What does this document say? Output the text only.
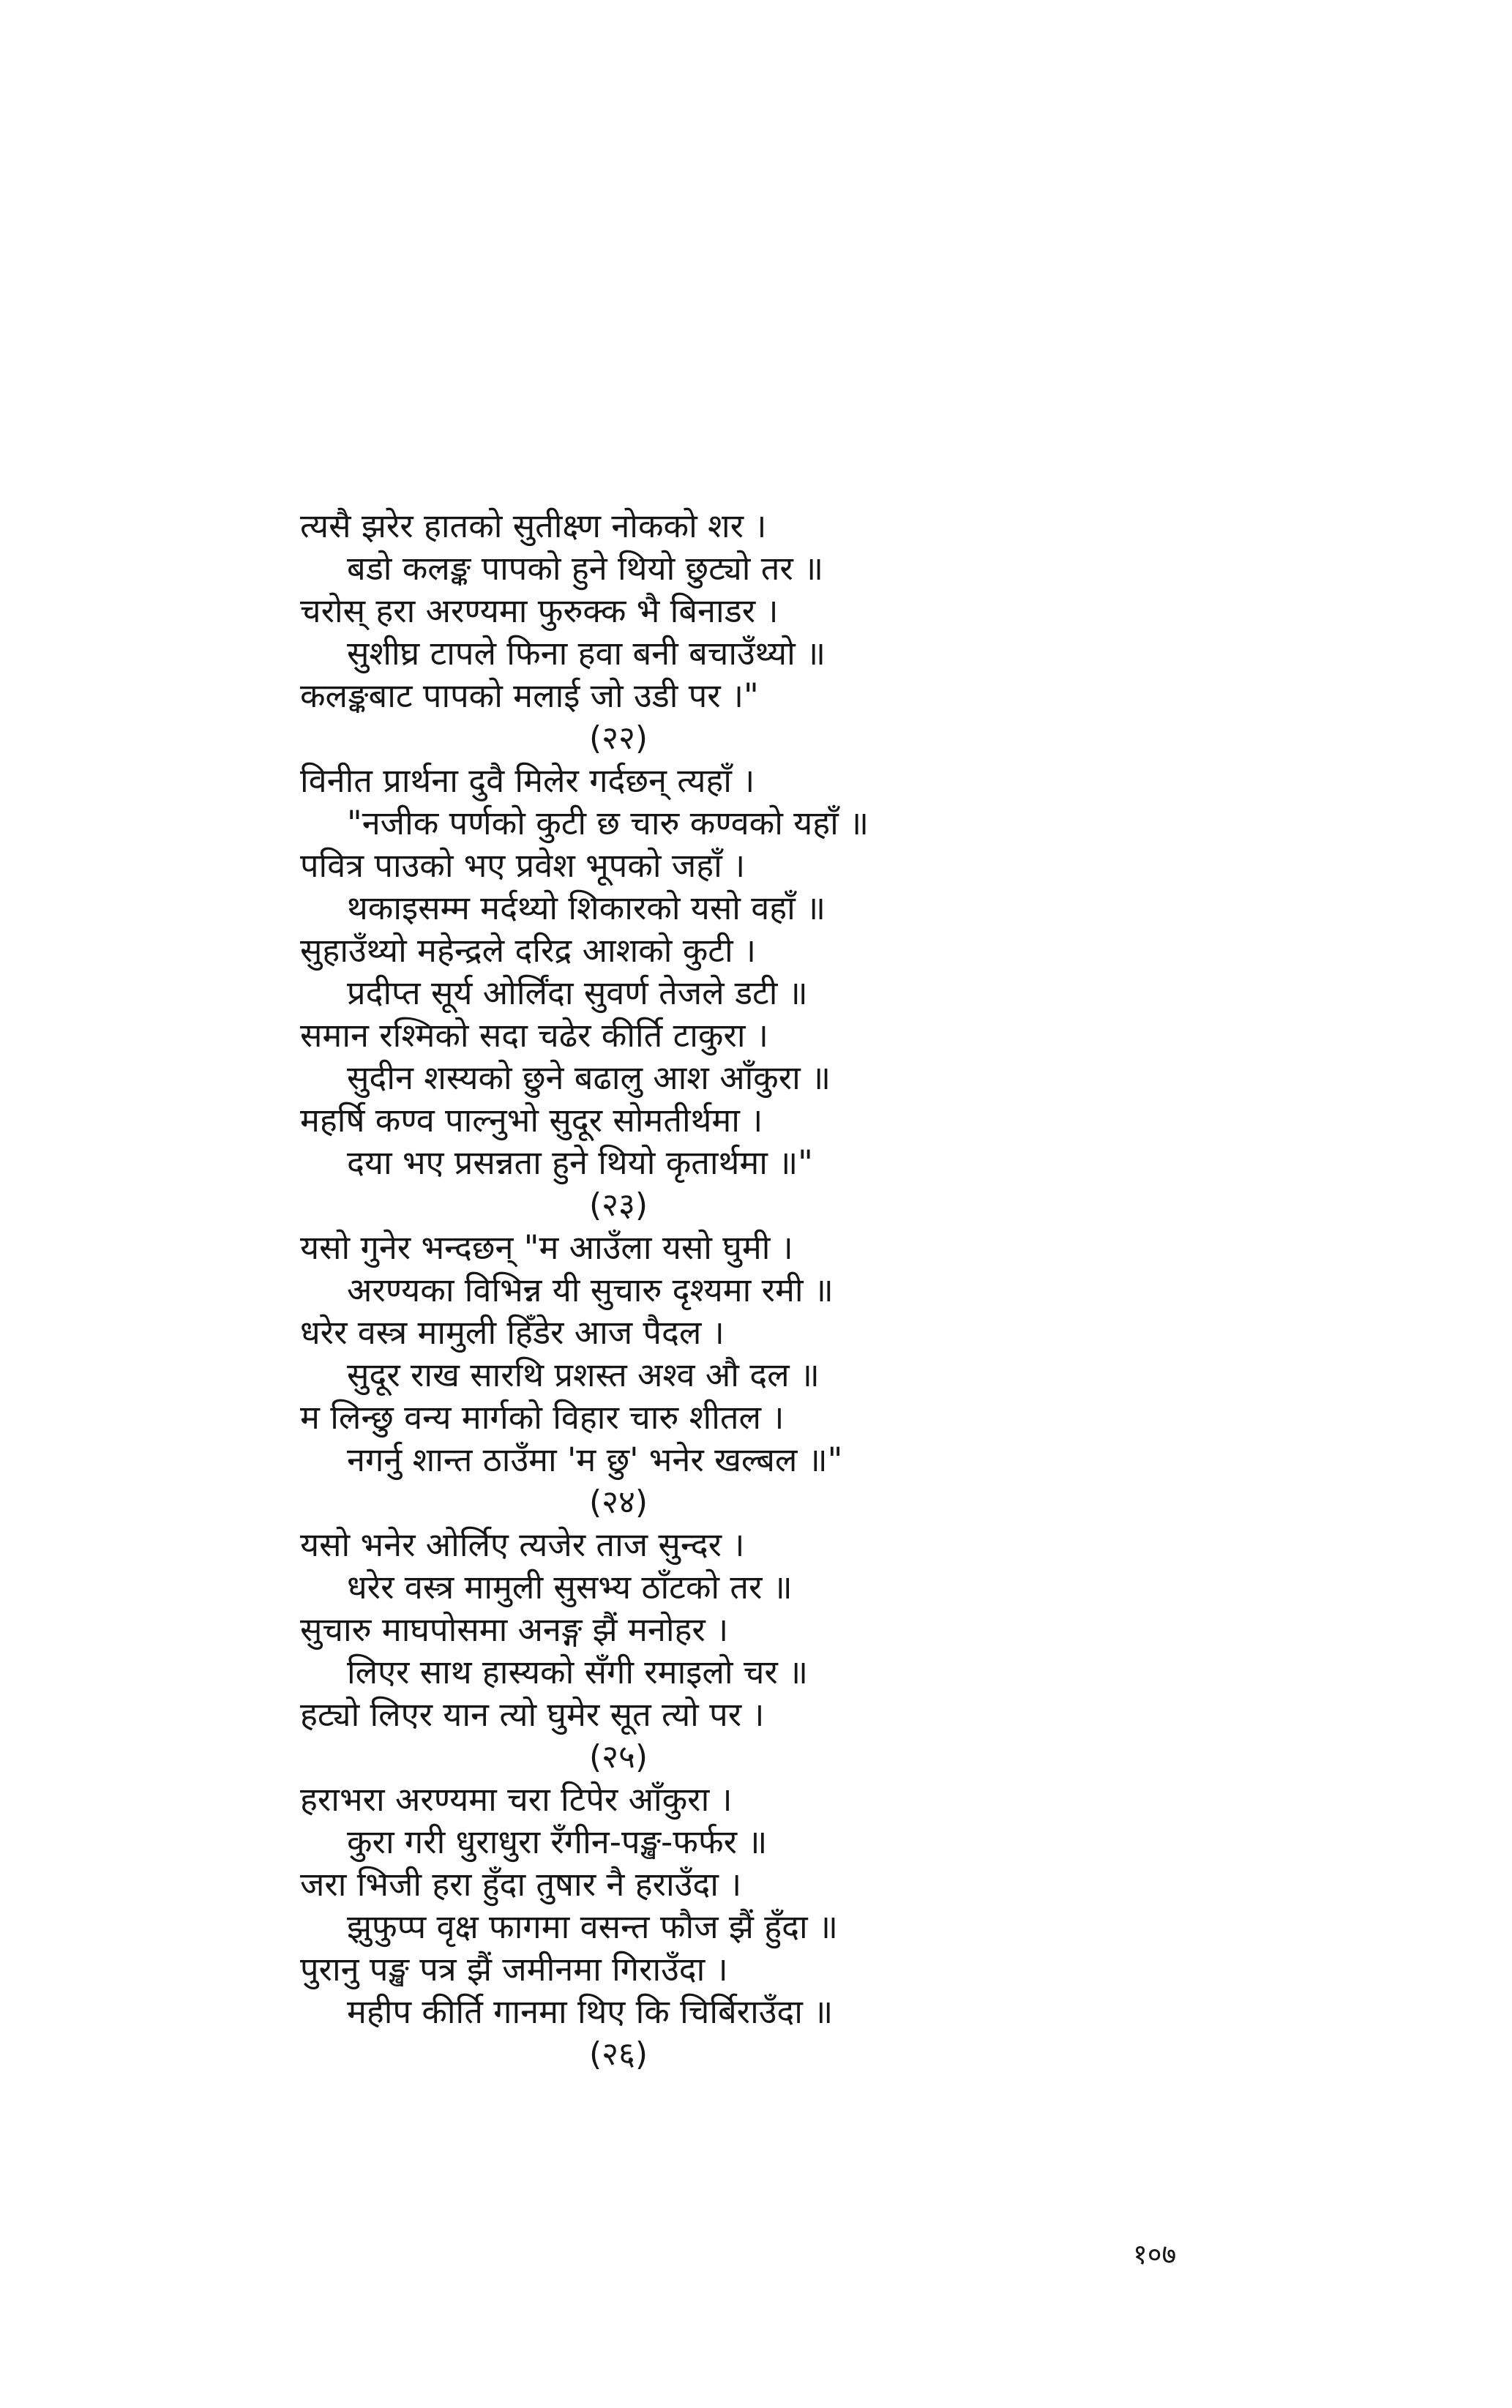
त्यसै झरेर हातको सुतीक्ष्ण नोकको शर ।
बडो कलङ्क पापको हुने थियो छुट्यो तर ॥
चरोस् हरा अरण्यमा फुरुक्क भै बिनाडर ।
सुशीघ्र टापले फिना हवा बनी बचाउँथ्यो ॥
कलङ्कबाट पापको मलाई जो उडी पर ।"
(२२)
विनीत प्रार्थना दुवै मिलेर गर्दछन् त्यहाँ ।
"नजीक पर्णको कुटी छ चारु कण्वको यहाँ ॥
पवित्र पाउको भए प्रवेश भूपको जहाँ ।
थकाइसम्म मर्दथ्यो शिकारको यसो वहाँ ॥
सुहाउँथ्यो महेन्द्रले दरिद्र आशको कुटी ।
प्रदीप्त सूर्य ओर्लिंदा सुवर्ण तेजले डटी ॥
समान रश्मिको सदा चढेर कीर्ति टाकुरा ।
सुदीन शस्यको छुने बढालु आश आँकुरा ॥
महर्षि कण्व पाल्नुभो सुदूर सोमतीर्थमा ।
दया भए प्रसन्नता हुने थियो कृतार्थमा ॥"
(२३)
यसो गुनेर भन्दछन् "म आउँला यसो घुमी ।
अरण्यका विभिन्न यी सुचारु दृश्यमा रमी ॥
धरेर वस्त्र मामुली हिँडेर आज पैदल ।
सुदूर राख सारथि प्रशस्त अश्व औ दल ॥
म लिन्छु वन्य मार्गको विहार चारु शीतल ।
नगर्नु शान्त ठाउँमा 'म छु' भनेर खल्बल ॥"
(२४)
यसो भनेर ओर्लिए त्यजेर ताज सुन्दर ।
धरेर वस्त्र मामुली सुसभ्य ठाँटको तर ॥
सुचारु माघपोसमा अनङ्ग झैं मनोहर ।
लिएर साथ हास्यको सँगी रमाइलो चर ॥
हट्यो लिएर यान त्यो घुमेर सूत त्यो पर ।
(२५)
हराभरा अरण्यमा चरा टिपेर आँकुरा ।
कुरा गरी धुराधुरा रँगीन-पङ्ख-फर्फर ॥
जरा भिजी हरा हुँदा तुषार नै हराउँदा ।
झुफुप्प वृक्ष फागमा वसन्त फौज झैं हुँदा ॥
पुरानु पङ्ख पत्र झैं जमीनमा गिराउँदा ।
महीप कीर्ति गानमा थिए कि चिर्बिराउँदा ॥
(२६)
१०७
